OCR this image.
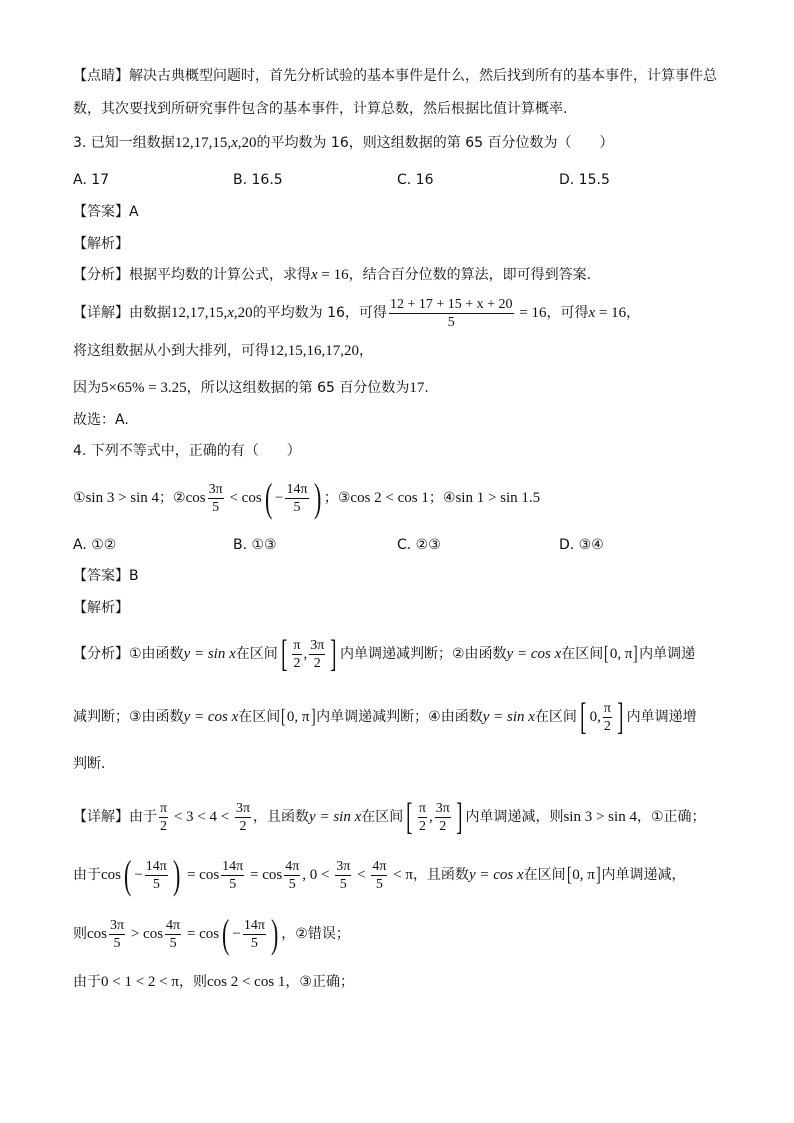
【点睛】解决古典概型问题时，首先分析试验的基本事件是什么，然后找到所有的基本事件，计算事件总
数，其次要找到所研究事件包含的基本事件，计算总数，然后根据比值计算概率.
3. 已知一组数据12,17,15,x,20的平均数为 16，则这组数据的第 65 百分位数为（　　）
A. 17	B. 16.5	C. 16	D. 15.5
【答案】A
【解析】
【分析】根据平均数的计算公式，求得x = 16，结合百分位数的算法，即可得到答案.
【详解】由数据12,17,15,x,20的平均数为 16，可得 $\frac{12 + 17 + 15 + x + 20}{5} = 16$，可得x = 16，
将这组数据从小到大排列，可得12,15,16,17,20，
因为5×65% = 3.25，所以这组数据的第 65 百分位数为17.
故选：A.
4. 下列不等式中，正确的有（　　）
①sin 3 > sin 4；②cos $\frac{3\pi}{5} < \cos( - \frac{14\pi}{5}$ ) ；③cos 2 < cos 1；④sin 1 > sin 1.5
A. ①②	B. ①③	C. ②③	D. ③④
【答案】B
【解析】
【分析】①由函数y = sin x在区间[ $\frac{\pi}{2}$ , $\frac{3\pi}{2}$ ] 内单调递减判断；②由函数y = cos x在区间[0, π]内单调递
减判断；③由函数y = cos x在区间[0, π]内单调递减判断；④由函数y = sin x在区间[ 0, $\frac{\pi}{2}$ ] 内单调递增
判断.
【详解】由于 $\frac{\pi}{2} < 3 < 4 < \frac{3\pi}{2}$ ，且函数y = sin x在区间[ $\frac{\pi}{2}$ , $\frac{3\pi}{2}$ ] 内单调递减，则sin 3 > sin 4，①正确；
由于$\cos( - \frac{14\pi}{5}$ ) = $\cos \frac{14\pi}{5} = \cos \frac{4\pi}{5}$ , $0 < \frac{3\pi}{5} < \frac{4\pi}{5} < \pi$，且函数y = cos x在区间[0, π]内单调递减，
则$\cos \frac{3\pi}{5} > \cos \frac{4\pi}{5} = \cos( - \frac{14\pi}{5}$ ) ，②错误；
由于0 < 1 < 2 < π，则cos 2 < cos 1，③正确；
